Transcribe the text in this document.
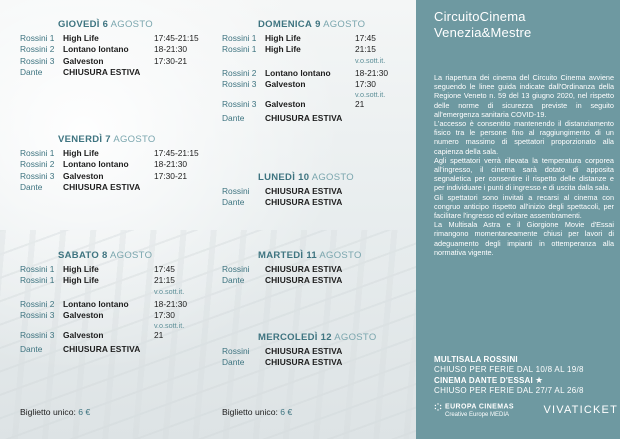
GIOVEDÌ 6 AGOSTO
Rossini 1 High Life	17:45-21:15
Rossini 2 Lontano lontano	18-21:30
Rossini 3 Galveston	17:30-21
Dante CHIUSURA ESTIVA
VENERDÌ 7 AGOSTO
Rossini 1 High Life	17:45-21:15
Rossini 2 Lontano lontano	18-21:30
Rossini 3 Galveston	17:30-21
Dante CHIUSURA ESTIVA
SABATO 8 AGOSTO
Rossini 1 High Life	17:45
Rossini 1 High Life	21:15
v.o.sott.it.
Rossini 2 Lontano lontano	18-21:30
Rossini 3 Galveston	17:30
v.o.sott.it.
Rossini 3 Galveston	21
Dante CHIUSURA ESTIVA
DOMENICA 9 AGOSTO
Rossini 1 High Life	17:45
Rossini 1 High Life	21:15
v.o.sott.it.
Rossini 2 Lontano lontano	18-21:30
Rossini 3 Galveston	17:30
v.o.sott.it.
Rossini 3 Galveston	21
Dante CHIUSURA ESTIVA
LUNEDÌ 10 AGOSTO
Rossini CHIUSURA ESTIVA
Dante CHIUSURA ESTIVA
MARTEDÌ 11 AGOSTO
Rossini CHIUSURA ESTIVA
Dante CHIUSURA ESTIVA
MERCOLEDÌ 12 AGOSTO
Rossini CHIUSURA ESTIVA
Dante CHIUSURA ESTIVA
Biglietto unico: 6 €	Biglietto unico: 6 €
CircuitoCinema
Venezia&Mestre

La riapertura dei cinema del Circuito Cinema avviene seguendo le linee guida indicate dall'Ordinanza della Regione Veneto n. 59 del 13 giugno 2020, nel rispetto delle norme di sicurezza previste in seguito all'emergenza sanitaria COVID-19.

L'accesso è consentito mantenendo il distanziamento fisico tra le persone fino al raggiungimento di un numero massimo di spettatori proporzionato alla capienza della sala.

Agli spettatori verrà rilevata la temperatura corporea all'ingresso, il cinema sarà dotato di apposita segnaletica per consentire il rispetto delle distanze e per individuare i punti di ingresso e di uscita dalla sala.

Gli spettatori sono invitati a recarsi al cinema con congruo anticipo rispetto all'inizio degli spettacoli, per facilitare l'ingresso ed evitare assembramenti.

La Multisala Astra e il Giorgione Movie d'Essai rimangono momentaneamente chiusi per lavori di adeguamento degli impianti in ottemperanza alla normativa vigente.

MULTISALA ROSSINI
CHIUSO PER FERIE DAL 10/8 AL 19/8
CINEMA DANTE D'ESSAI ★
CHIUSO PER FERIE DAL 27/7 AL 26/8
EUROPA CINEMAS
Creative Europe MEDIA	VIVATICKET
